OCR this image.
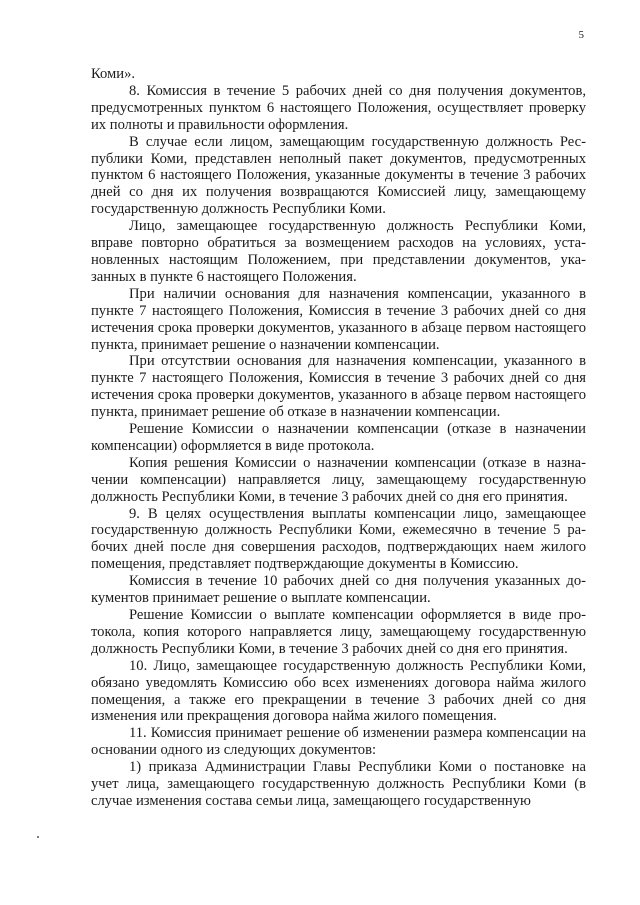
5

Коми».

8. Комиссия в течение 5 рабочих дней со дня получения документов, предусмотренных пунктом 6 настоящего Положения, осуществляет проверку их полноты и правильности оформления.

В случае если лицом, замещающим государственную должность Республики Коми, представлен неполный пакет документов, предусмотренных пунктом 6 настоящего Положения, указанные документы в течение 3 рабочих дней со дня их получения возвращаются Комиссией лицу, замещающему государственную должность Республики Коми.

Лицо, замещающее государственную должность Республики Коми, вправе повторно обратиться за возмещением расходов на условиях, установленных настоящим Положением, при представлении документов, указанных в пункте 6 настоящего Положения.

При наличии основания для назначения компенсации, указанного в пункте 7 настоящего Положения, Комиссия в течение 3 рабочих дней со дня истечения срока проверки документов, указанного в абзаце первом настоящего пункта, принимает решение о назначении компенсации.

При отсутствии основания для назначения компенсации, указанного в пункте 7 настоящего Положения, Комиссия в течение 3 рабочих дней со дня истечения срока проверки документов, указанного в абзаце первом настоящего пункта, принимает решение об отказе в назначении компенсации.

Решение Комиссии о назначении компенсации (отказе в назначении компенсации) оформляется в виде протокола.

Копия решения Комиссии о назначении компенсации (отказе в назначении компенсации) направляется лицу, замещающему государственную должность Республики Коми, в течение 3 рабочих дней со дня его принятия.

9. В целях осуществления выплаты компенсации лицо, замещающее государственную должность Республики Коми, ежемесячно в течение 5 рабочих дней после дня совершения расходов, подтверждающих наем жилого помещения, представляет подтверждающие документы в Комиссию.

Комиссия в течение 10 рабочих дней со дня получения указанных документов принимает решение о выплате компенсации.

Решение Комиссии о выплате компенсации оформляется в виде протокола, копия которого направляется лицу, замещающему государственную должность Республики Коми, в течение 3 рабочих дней со дня его принятия.

10. Лицо, замещающее государственную должность Республики Коми, обязано уведомлять Комиссию обо всех изменениях договора найма жилого помещения, а также его прекращении в течение 3 рабочих дней со дня изменения или прекращения договора найма жилого помещения.

11. Комиссия принимает решение об изменении размера компенсации на основании одного из следующих документов:

1) приказа Администрации Главы Республики Коми о постановке на учет лица, замещающего государственную должность Республики Коми (в случае изменения состава семьи лица, замещающего государственную
